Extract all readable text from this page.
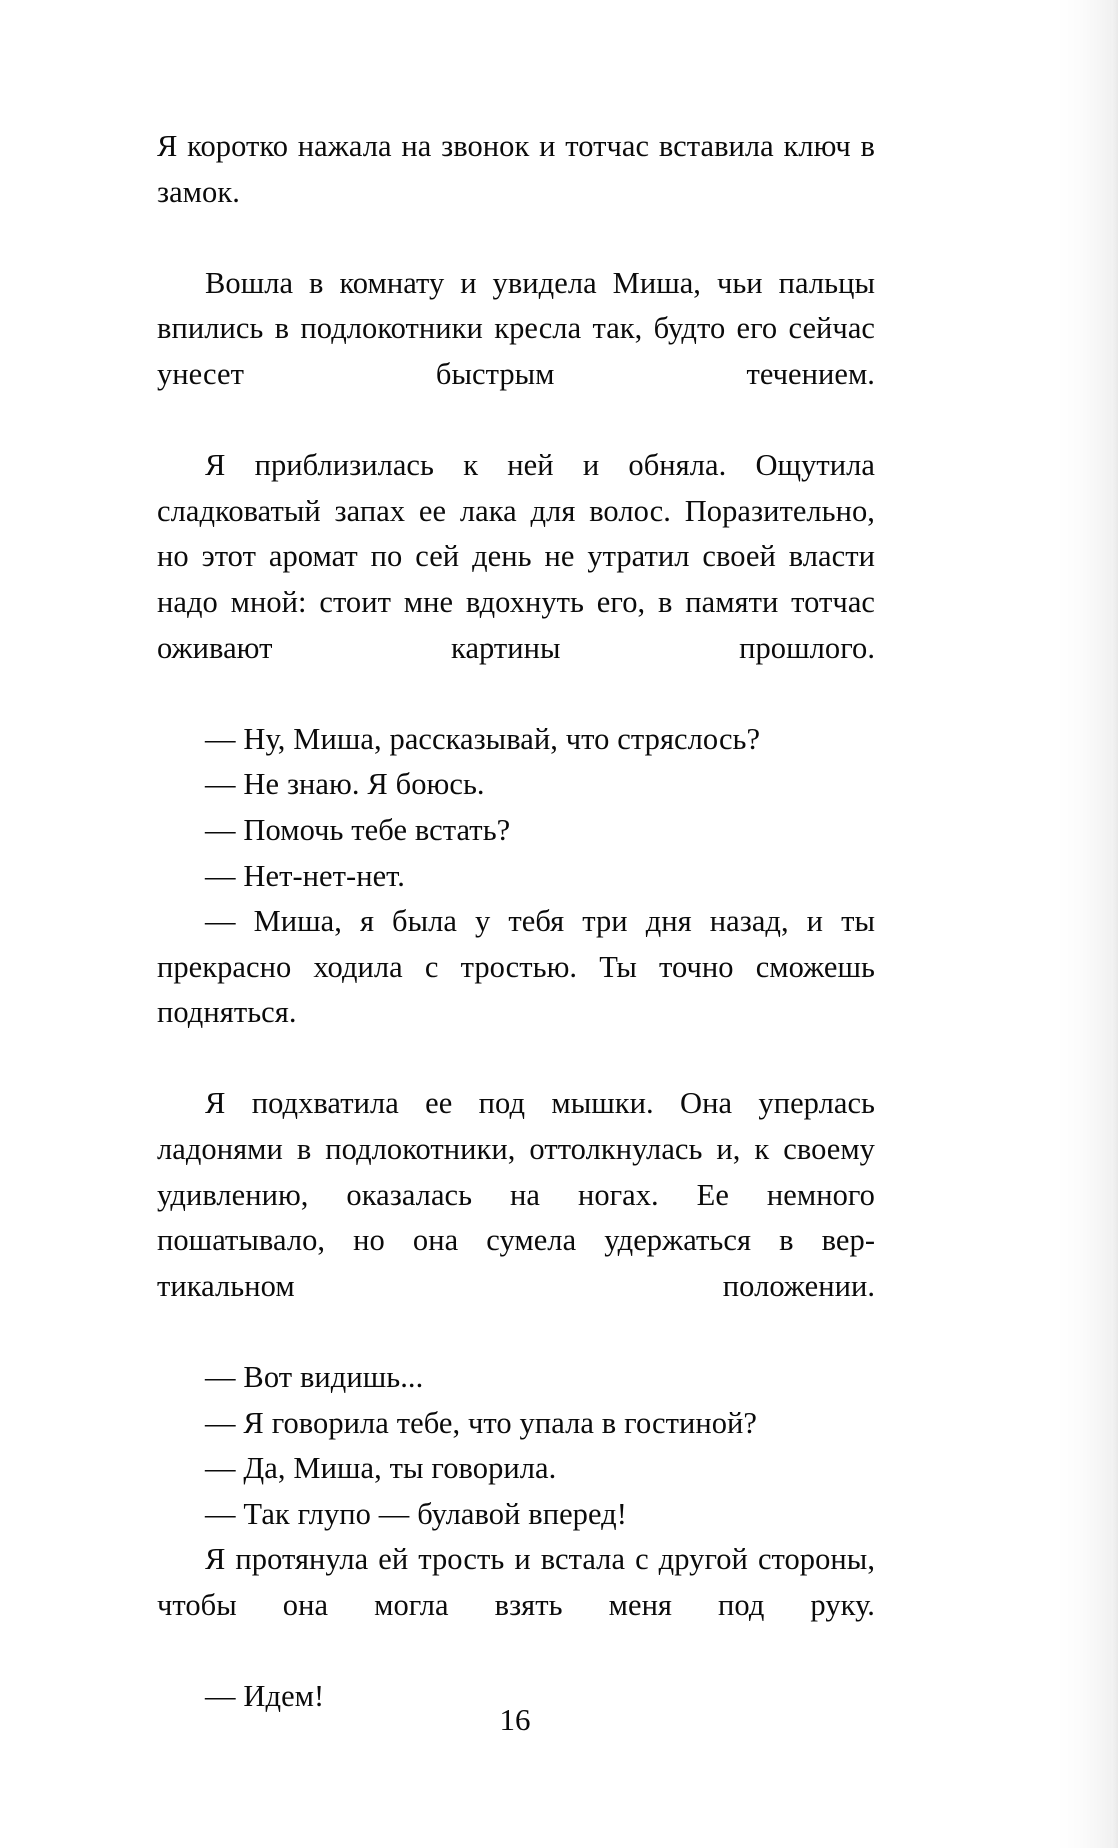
Я коротко нажала на звонок и тотчас вставила ключ в замок.

Вошла в комнату и увидела Миша, чьи пальцы впились в подлокотники кресла так, будто его сейчас унесет быстрым течением.

Я приблизилась к ней и обняла. Ощутила сладковатый запах ее лака для волос. Поразительно, но этот аромат по сей день не утратил своей власти надо мной: стоит мне вдохнуть его, в памяти тотчас оживают картины прошлого.

— Ну, Миша, рассказывай, что стряслось?

— Не знаю. Я боюсь.

— Помочь тебе встать?

— Нет-нет-нет.

— Миша, я была у тебя три дня назад, и ты прекрасно ходила с тростью. Ты точно сможешь подняться.

Я подхватила ее под мышки. Она уперлась ладонями в подлокотники, оттолкнулась и, к своему удивлению, оказалась на ногах. Ее немного пошатывало, но она сумела удержаться в вертикальном положении.

— Вот видишь...

— Я говорила тебе, что упала в гостиной?

— Да, Миша, ты говорила.

— Так глупо — булавой вперед!

Я протянула ей трость и встала с другой стороны, чтобы она могла взять меня под руку.

— Идем!

16
